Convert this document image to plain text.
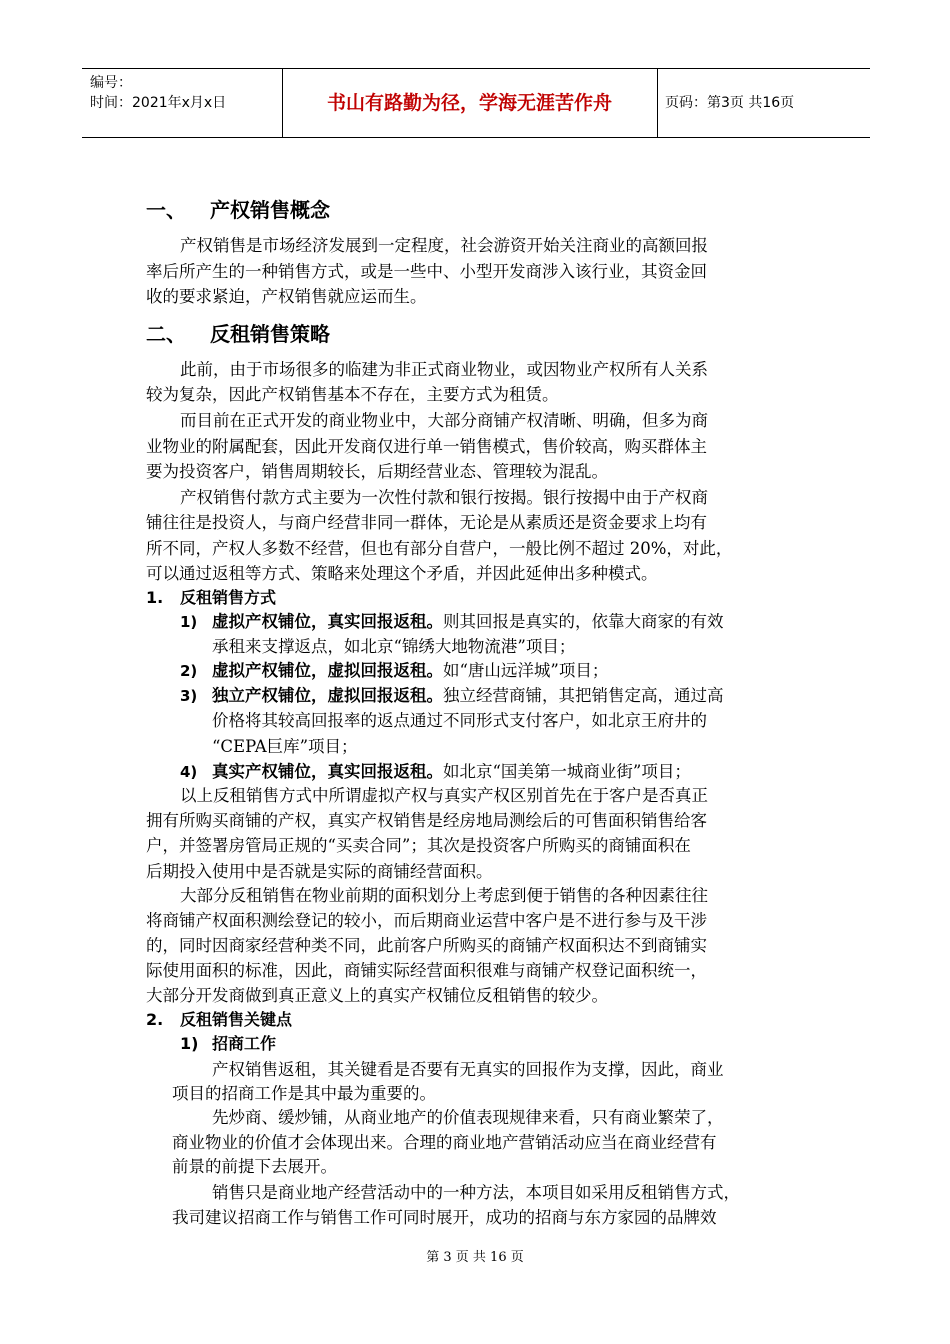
编号：
时间：2021年x月x日	书山有路勤为径，学海无涯苦作舟	页码：第3页 共16页
一、 产权销售概念
产权销售是市场经济发展到一定程度，社会游资开始关注商业的高额回报
率后所产生的一种销售方式，或是一些中、小型开发商涉入该行业，其资金回
收的要求紧迫，产权销售就应运而生。
二、 反租销售策略
此前，由于市场很多的临建为非正式商业物业，或因物业产权所有人关系
较为复杂，因此产权销售基本不存在，主要方式为租赁。
而目前在正式开发的商业物业中，大部分商铺产权清晰、明确，但多为商
业物业的附属配套，因此开发商仅进行单一销售模式，售价较高，购买群体主
要为投资客户，销售周期较长，后期经营业态、管理较为混乱。
产权销售付款方式主要为一次性付款和银行按揭。银行按揭中由于产权商
铺往往是投资人，与商户经营非同一群体，无论是从素质还是资金要求上均有
所不同，产权人多数不经营，但也有部分自营户，一般比例不超过 20%，对此，
可以通过返租等方式、策略来处理这个矛盾，并因此延伸出多种模式。
1. 反租销售方式
1) 虚拟产权铺位，真实回报返租。则其回报是真实的，依靠大商家的有效
承租来支撑返点，如北京“锦绣大地物流港”项目；
2) 虚拟产权铺位，虚拟回报返租。如“唐山远洋城”项目；
3) 独立产权铺位，虚拟回报返租。独立经营商铺，其把销售定高，通过高
价格将其较高回报率的返点通过不同形式支付客户，如北京王府井的
“CEPA巨库”项目；
4) 真实产权铺位，真实回报返租。如北京“国美第一城商业街”项目；
以上反租销售方式中所谓虚拟产权与真实产权区别首先在于客户是否真正
拥有所购买商铺的产权，真实产权销售是经房地局测绘后的可售面积销售给客
户，并签署房管局正规的“买卖合同”；其次是投资客户所购买的商铺面积在
后期投入使用中是否就是实际的商铺经营面积。
大部分反租销售在物业前期的面积划分上考虑到便于销售的各种因素往往
将商铺产权面积测绘登记的较小，而后期商业运营中客户是不进行参与及干涉
的，同时因商家经营种类不同，此前客户所购买的商铺产权面积达不到商铺实
际使用面积的标准，因此，商铺实际经营面积很难与商铺产权登记面积统一，
大部分开发商做到真正意义上的真实产权铺位反租销售的较少。
2. 反租销售关键点
1) 招商工作
产权销售返租，其关键看是否要有无真实的回报作为支撑，因此，商业
项目的招商工作是其中最为重要的。
先炒商、缓炒铺，从商业地产的价值表现规律来看，只有商业繁荣了，
商业物业的价值才会体现出来。合理的商业地产营销活动应当在商业经营有
前景的前提下去展开。
销售只是商业地产经营活动中的一种方法，本项目如采用反租销售方式，
我司建议招商工作与销售工作可同时展开，成功的招商与东方家园的品牌效
第 3 页 共 16 页
